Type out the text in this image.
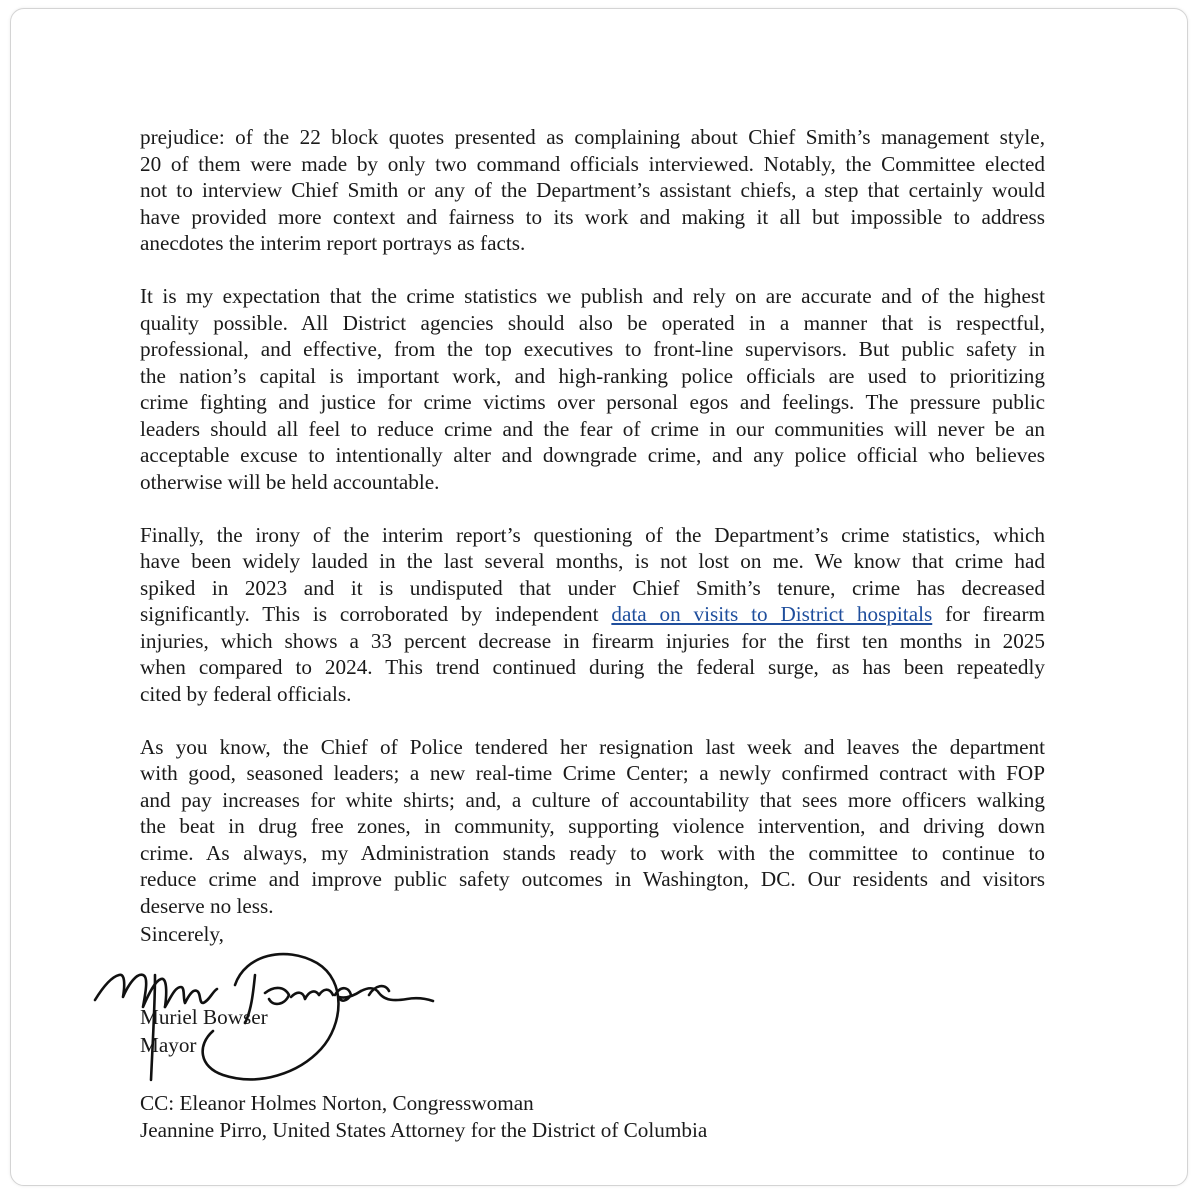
prejudice: of the 22 block quotes presented as complaining about Chief Smith’s management style,
20 of them were made by only two command officials interviewed. Notably, the Committee elected
not to interview Chief Smith or any of the Department’s assistant chiefs, a step that certainly would
have provided more context and fairness to its work and making it all but impossible to address
anecdotes the interim report portrays as facts.

It is my expectation that the crime statistics we publish and rely on are accurate and of the highest
quality possible. All District agencies should also be operated in a manner that is respectful,
professional, and effective, from the top executives to front-line supervisors. But public safety in
the nation’s capital is important work, and high-ranking police officials are used to prioritizing
crime fighting and justice for crime victims over personal egos and feelings. The pressure public
leaders should all feel to reduce crime and the fear of crime in our communities will never be an
acceptable excuse to intentionally alter and downgrade crime, and any police official who believes
otherwise will be held accountable.

Finally, the irony of the interim report’s questioning of the Department’s crime statistics, which
have been widely lauded in the last several months, is not lost on me. We know that crime had
spiked in 2023 and it is undisputed that under Chief Smith’s tenure, crime has decreased
significantly. This is corroborated by independent data on visits to District hospitals for firearm
injuries, which shows a 33 percent decrease in firearm injuries for the first ten months in 2025
when compared to 2024. This trend continued during the federal surge, as has been repeatedly
cited by federal officials.

As you know, the Chief of Police tendered her resignation last week and leaves the department
with good, seasoned leaders; a new real-time Crime Center; a newly confirmed contract with FOP
and pay increases for white shirts; and, a culture of accountability that sees more officers walking
the beat in drug free zones, in community, supporting violence intervention, and driving down
crime. As always, my Administration stands ready to work with the committee to continue to
reduce crime and improve public safety outcomes in Washington, DC. Our residents and visitors
deserve no less.

Sincerely,
Muriel Bowser
Mayor
CC: Eleanor Holmes Norton, Congresswoman
Jeannine Pirro, United States Attorney for the District of Columbia
